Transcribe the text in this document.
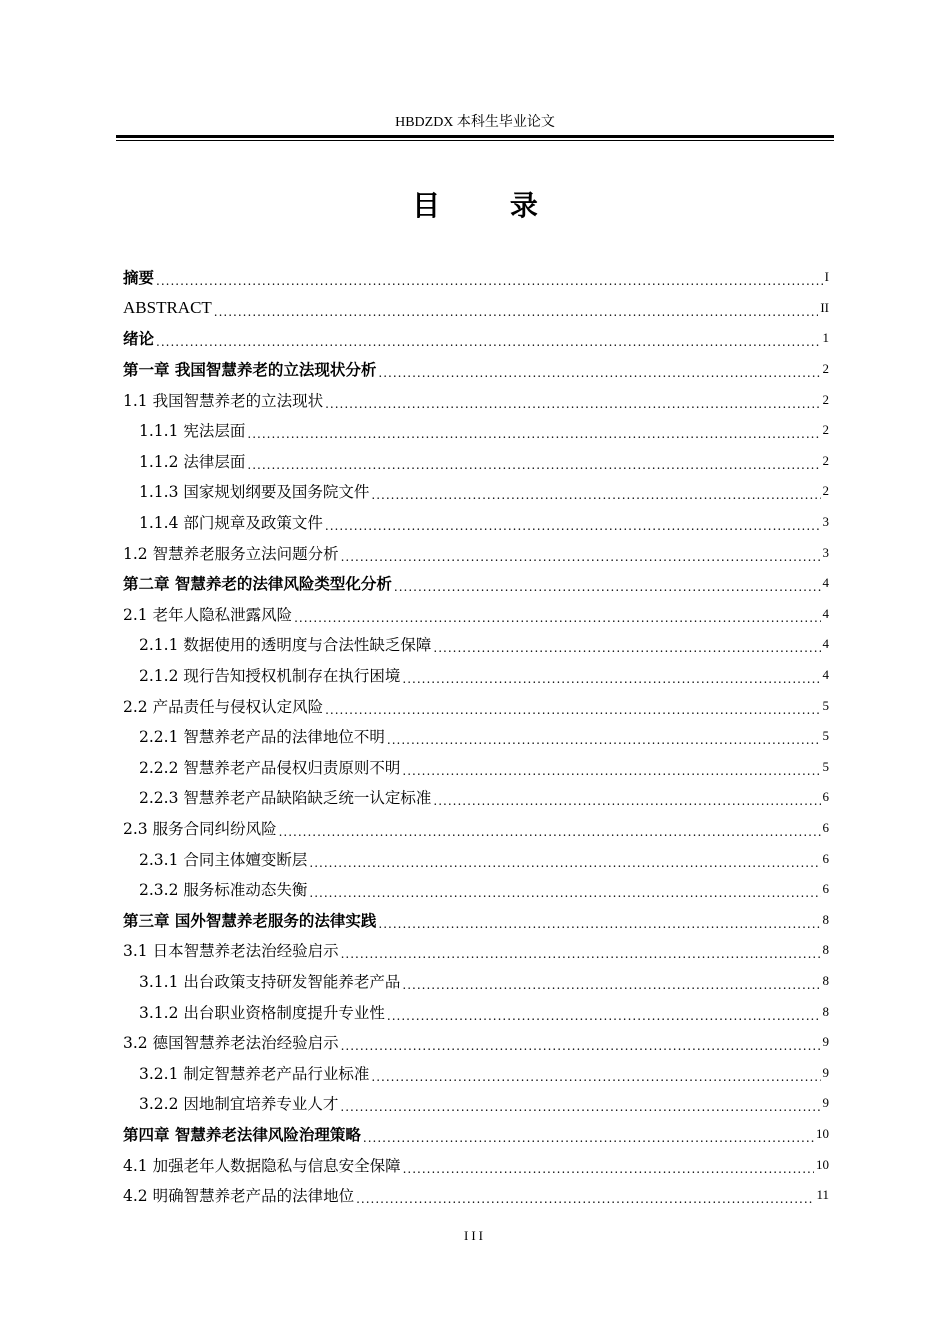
HBDZDX 本科生毕业论文
目 录
摘要 .....	I
ABSTRACT .....	II
绪论 .....	1
第一章 我国智慧养老的立法现状分析 .....	2
1.1 我国智慧养老的立法现状 .....	2
1.1.1 宪法层面 .....	2
1.1.2 法律层面 .....	2
1.1.3 国家规划纲要及国务院文件 .....	2
1.1.4 部门规章及政策文件 .....	3
1.2 智慧养老服务立法问题分析 .....	3
第二章 智慧养老的法律风险类型化分析 .....	4
2.1 老年人隐私泄露风险 .....	4
2.1.1 数据使用的透明度与合法性缺乏保障 .....	4
2.1.2 现行告知授权机制存在执行困境 .....	4
2.2 产品责任与侵权认定风险 .....	5
2.2.1 智慧养老产品的法律地位不明 .....	5
2.2.2 智慧养老产品侵权归责原则不明 .....	5
2.2.3 智慧养老产品缺陷缺乏统一认定标准 .....	6
2.3 服务合同纠纷风险 .....	6
2.3.1 合同主体嬗变断层 .....	6
2.3.2 服务标准动态失衡 .....	6
第三章 国外智慧养老服务的法律实践 .....	8
3.1 日本智慧养老法治经验启示 .....	8
3.1.1 出台政策支持研发智能养老产品 .....	8
3.1.2 出台职业资格制度提升专业性 .....	8
3.2 德国智慧养老法治经验启示 .....	9
3.2.1 制定智慧养老产品行业标准 .....	9
3.2.2 因地制宜培养专业人才 .....	9
第四章 智慧养老法律风险治理策略 .....	10
4.1 加强老年人数据隐私与信息安全保障 .....	10
4.2 明确智慧养老产品的法律地位 .....	11
III
